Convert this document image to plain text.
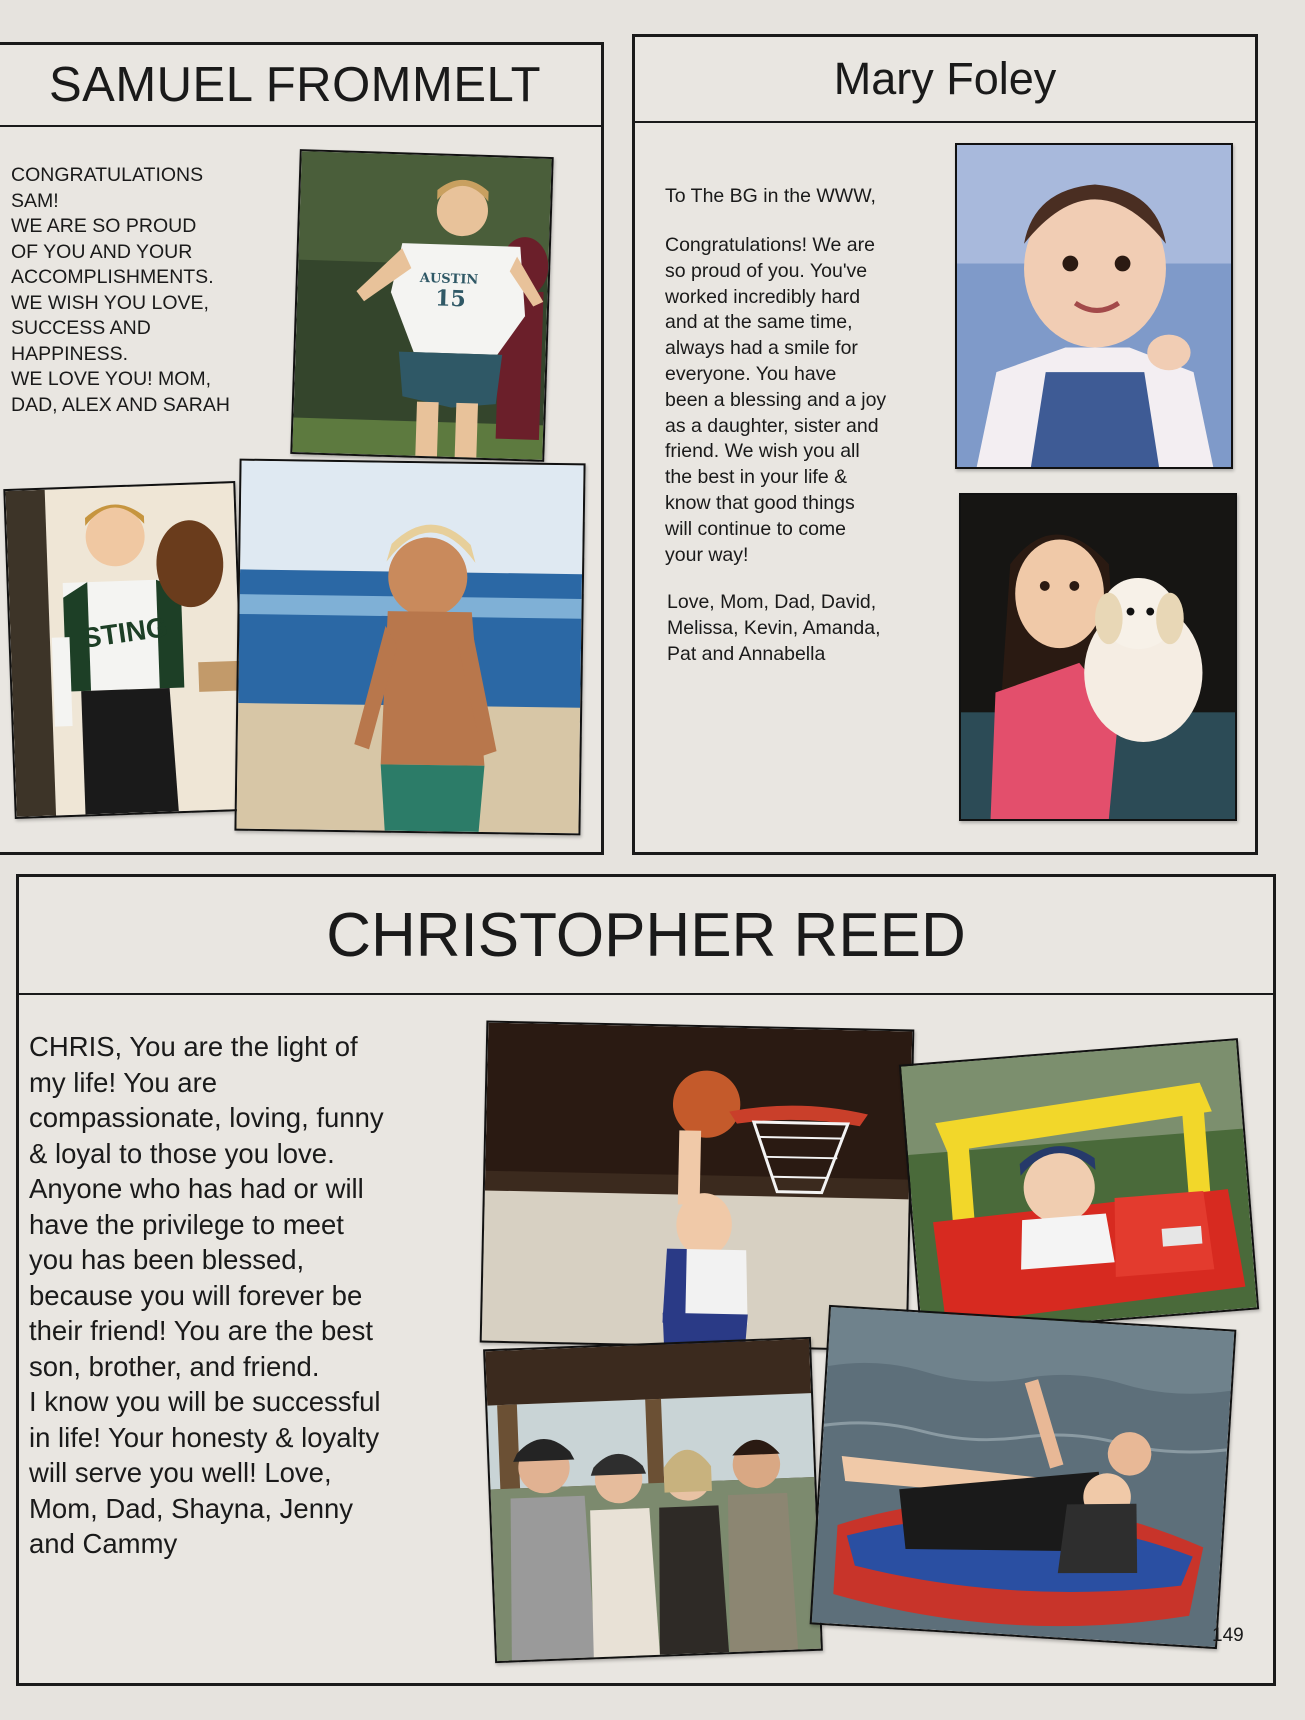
SAMUEL FROMMELT
CONGRATULATIONS
SAM!
WE ARE SO PROUD
OF YOU AND YOUR
ACCOMPLISHMENTS.
WE WISH YOU LOVE,
SUCCESS AND
HAPPINESS.
WE LOVE YOU! MOM,
DAD, ALEX AND SARAH
AUSTIN
15
STING
Mary Foley
To The BG in the WWW,
Congratulations! We are
so proud of you. You've
worked incredibly hard
and at the same time,
always had a smile for
everyone. You have
been a blessing and a joy
as a daughter, sister and
friend. We wish you all
the best in your life &
know that good things
will continue to come
your way!
Love, Mom, Dad, David,
Melissa, Kevin, Amanda,
Pat and Annabella
CHRISTOPHER REED
CHRIS, You are the light of
my life! You are
compassionate, loving, funny
& loyal to those you love.
Anyone who has had or will
have the privilege to meet
you has been blessed,
because you will forever be
their friend! You are the best
son, brother, and friend.
I know you will be successful
in life! Your honesty & loyalty
will serve you well! Love,
Mom, Dad, Shayna, Jenny
and Cammy
149
